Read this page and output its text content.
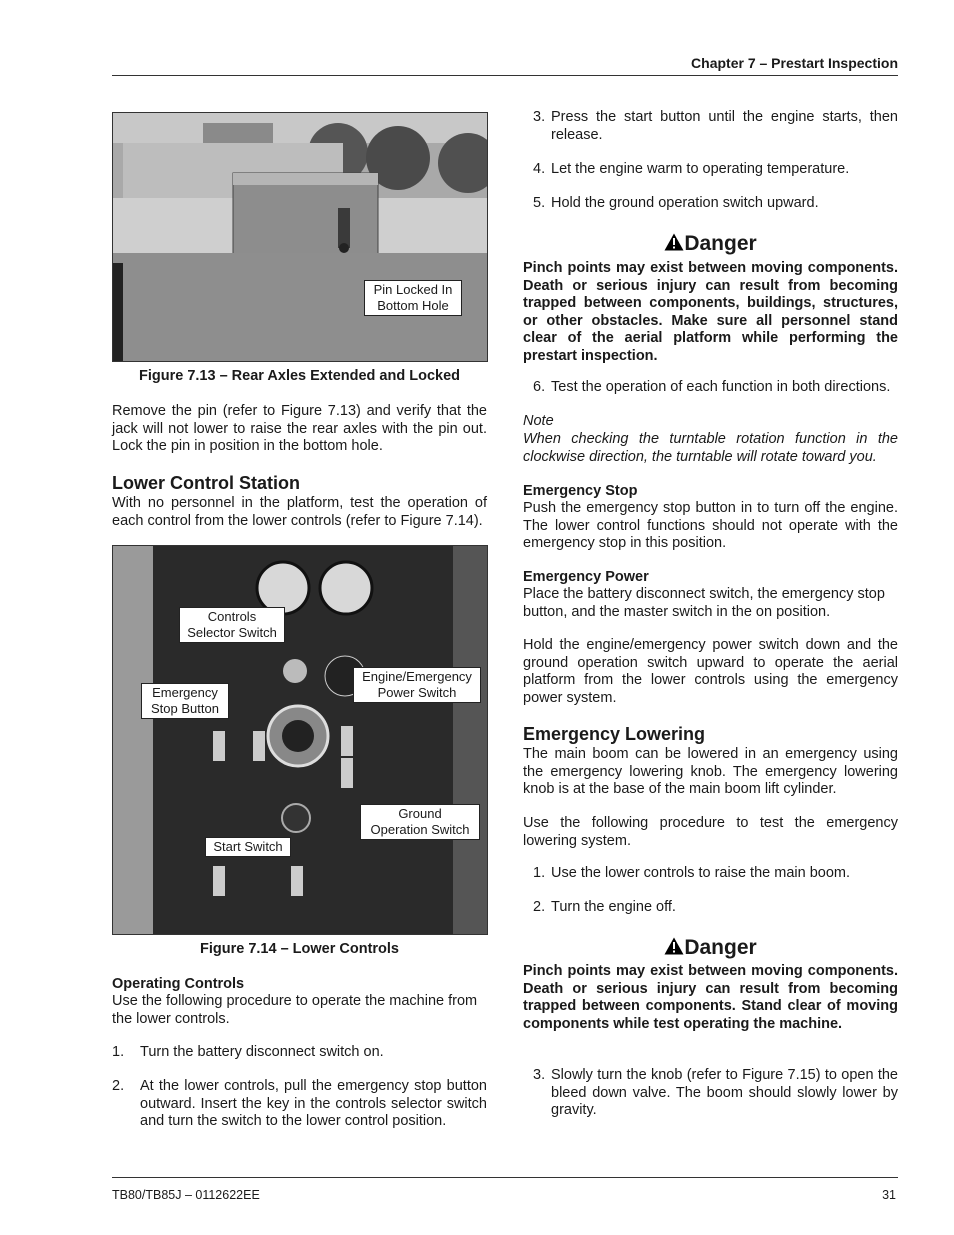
Chapter 7 – Prestart Inspection
Pin Locked In
Bottom Hole
Figure 7.13 – Rear Axles Extended and Locked
Remove the pin (refer to Figure 7.13) and verify that the jack will not lower to raise the rear axles with the pin out. Lock the pin in position in the bottom hole.
Lower Control Station
With no personnel in the platform, test the operation of each control from the lower controls (refer to Figure 7.14).
Controls
Selector Switch
Emergency
Stop Button
Engine/Emergency
Power Switch
Ground
Operation Switch
Start Switch
Figure 7.14 – Lower Controls
Operating Controls
Use the following procedure to operate the machine from the lower controls.
1. Turn the battery disconnect switch on.
2. At the lower controls, pull the emergency stop button outward. Insert the key in the controls selector switch and turn the switch to the lower control position.
3. Press the start button until the engine starts, then release.
4. Let the engine warm to operating temperature.
5. Hold the ground operation switch upward.
Danger
Pinch points may exist between moving components. Death or serious injury can result from becoming trapped between components, buildings, structures, or other obstacles. Make sure all personnel stand clear of the aerial platform while performing the prestart inspection.
6. Test the operation of each function in both directions.
Note
When checking the turntable rotation function in the clockwise direction, the turntable will rotate toward you.
Emergency Stop
Push the emergency stop button in to turn off the engine. The lower control functions should not operate with the emergency stop in this position.
Emergency Power
Place the battery disconnect switch, the emergency stop button, and the master switch in the on position.
Hold the engine/emergency power switch down and the ground operation switch upward to operate the aerial platform from the lower controls using the emergency power system.
Emergency Lowering
The main boom can be lowered in an emergency using the emergency lowering knob. The emergency lowering knob is at the base of the main boom lift cylinder.
Use the following procedure to test the emergency lowering system.
1. Use the lower controls to raise the main boom.
2. Turn the engine off.
Danger
Pinch points may exist between moving components. Death or serious injury can result from becoming trapped between components. Stand clear of moving components while test operating the machine.
3. Slowly turn the knob (refer to Figure 7.15) to open the bleed down valve. The boom should slowly lower by gravity.
TB80/TB85J – 0112622EE	31
